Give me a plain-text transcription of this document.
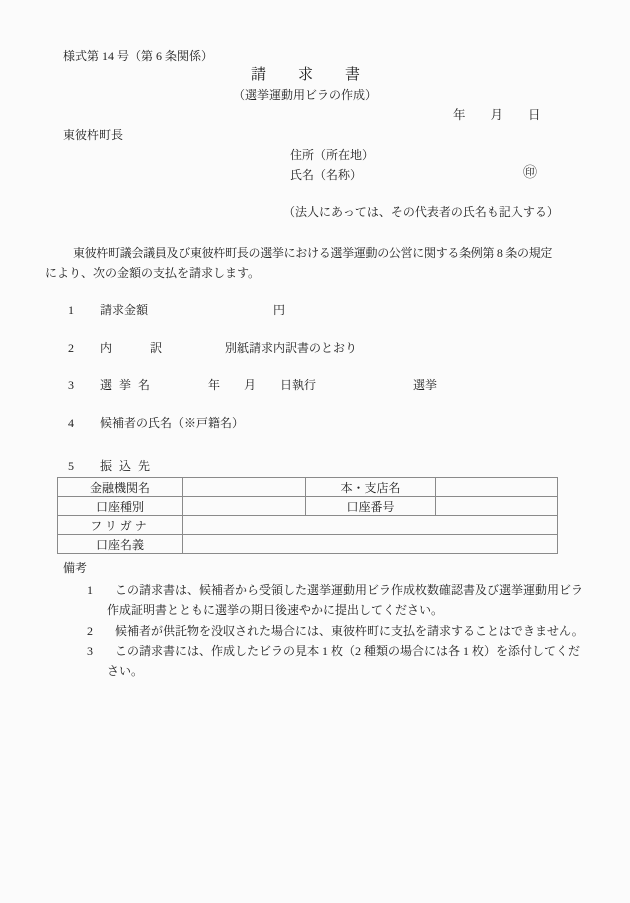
様式第 14 号（第 6 条関係）
請求書
（選挙運動用ビラの作成）
年　　月　　日
東彼杵町長
住所（所在地）
氏名（名称）	㊞
（法人にあっては、その代表者の氏名も記入する）
東彼杵町議会議員及び東彼杵町長の選挙における選挙運動の公営に関する条例第 8 条の規定
により、次の金額の支払を請求します。
1 請求金額	円
2 内訳 別紙請求内訳書のとおり
3 選挙名	年　　月　　日執行	選挙
4 候補者の氏名（※戸籍名）
5 振込先
金融機関名		本・支店名	
口座種別		口座番号	
フリガナ			
口座名義			
備考
1 この請求書は、候補者から受領した選挙運動用ビラ作成枚数確認書及び選挙運動用ビラ
作成証明書とともに選挙の期日後速やかに提出してください。
2 候補者が供託物を没収された場合には、東彼杵町に支払を請求することはできません。
3 この請求書には、作成したビラの見本 1 枚（2 種類の場合には各 1 枚）を添付してくだ
さい。
